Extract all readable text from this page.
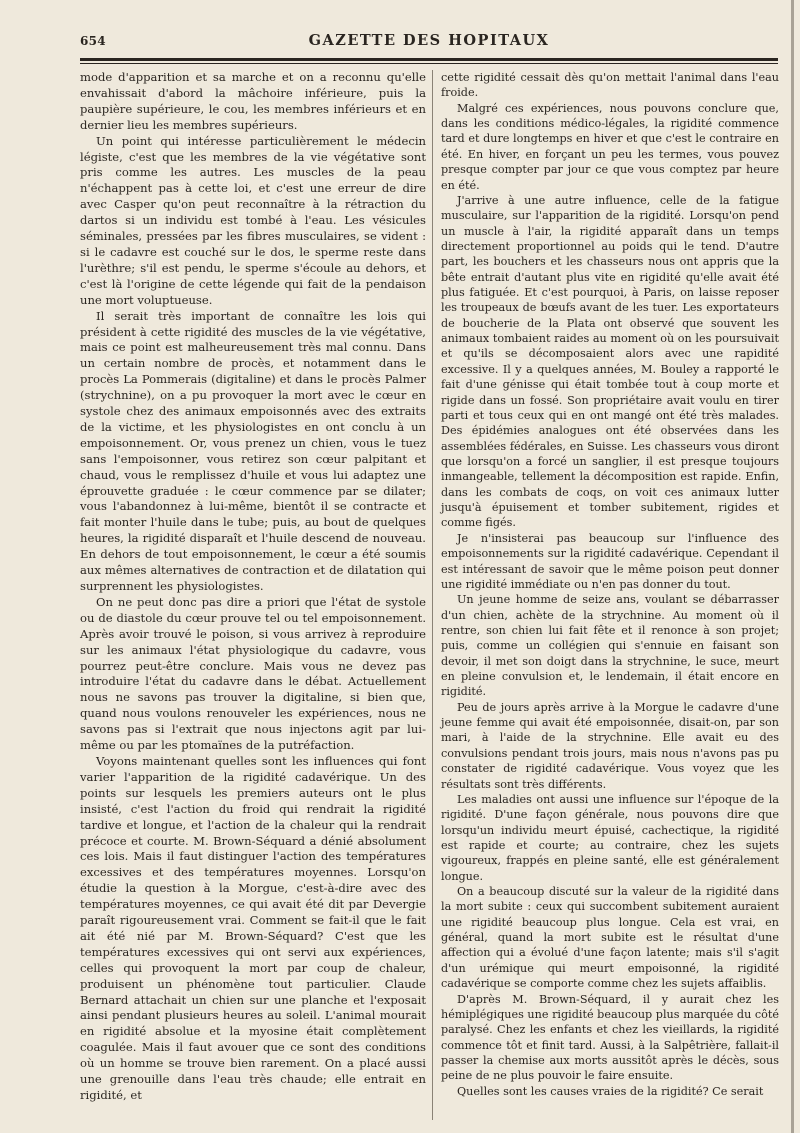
654	GAZETTE DES HOPITAUX

mode d'apparition et sa marche et on a reconnu qu'elle envahissait d'abord la mâchoire inférieure, puis la paupière supérieure, le cou, les membres inférieurs et en dernier lieu les membres supérieurs.

Un point qui intéresse particulièrement le médecin légiste, c'est que les membres de la vie végétative sont pris comme les autres. Les muscles de la peau n'échappent pas à cette loi, et c'est une erreur de dire avec Casper qu'on peut reconnaître à la rétraction du dartos si un individu est tombé à l'eau. Les vésicules séminales, pressées par les fibres musculaires, se vident : si le cadavre est couché sur le dos, le sperme reste dans l'urèthre; s'il est pendu, le sperme s'écoule au dehors, et c'est là l'origine de cette légende qui fait de la pendaison une mort voluptueuse.

Il serait très important de connaître les lois qui président à cette rigidité des muscles de la vie végétative, mais ce point est malheureusement très mal connu. Dans un certain nombre de procès, et notamment dans le procès La Pommerais (digitaline) et dans le procès Palmer (strychnine), on a pu provoquer la mort avec le cœur en systole chez des animaux empoisonnés avec des extraits de la victime, et les physiologistes en ont conclu à un empoisonnement. Or, vous prenez un chien, vous le tuez sans l'empoisonner, vous retirez son cœur palpitant et chaud, vous le remplissez d'huile et vous lui adaptez une éprouvette graduée : le cœur commence par se dilater; vous l'abandonnez à lui-même, bientôt il se contracte et fait monter l'huile dans le tube; puis, au bout de quelques heures, la rigidité disparaît et l'huile descend de nouveau. En dehors de tout empoisonnement, le cœur a été soumis aux mêmes alternatives de contraction et de dilatation qui surprennent les physiologistes.

On ne peut donc pas dire a priori que l'état de systole ou de diastole du cœur prouve tel ou tel empoisonnement. Après avoir trouvé le poison, si vous arrivez à reproduire sur les animaux l'état physiologique du cadavre, vous pourrez peut-être conclure. Mais vous ne devez pas introduire l'état du cadavre dans le débat. Actuellement nous ne savons pas trouver la digitaline, si bien que, quand nous voulons renouveler les expériences, nous ne savons pas si l'extrait que nous injectons agit par lui-même ou par les ptomaïnes de la putréfaction.

Voyons maintenant quelles sont les influences qui font varier l'apparition de la rigidité cadavérique. Un des points sur lesquels les premiers auteurs ont le plus insisté, c'est l'action du froid qui rendrait la rigidité tardive et longue, et l'action de la chaleur qui la rendrait précoce et courte. M. Brown-Séquard a dénié absolument ces lois. Mais il faut distinguer l'action des températures excessives et des températures moyennes. Lorsqu'on étudie la question à la Morgue, c'est-à-dire avec des températures moyennes, ce qui avait été dit par Devergie paraît rigoureusement vrai. Comment se fait-il que le fait ait été nié par M. Brown-Séquard? C'est que les températures excessives qui ont servi aux expériences, celles qui provoquent la mort par coup de chaleur, produisent un phénomène tout particulier. Claude Bernard attachait un chien sur une planche et l'exposait ainsi pendant plusieurs heures au soleil. L'animal mourait en rigidité absolue et la myosine était complètement coagulée. Mais il faut avouer que ce sont des conditions où un homme se trouve bien rarement. On a placé aussi une grenouille dans l'eau très chaude; elle entrait en rigidité, et

cette rigidité cessait dès qu'on mettait l'animal dans l'eau froide.

Malgré ces expériences, nous pouvons conclure que, dans les conditions médico-légales, la rigidité commence tard et dure longtemps en hiver et que c'est le contraire en été. En hiver, en forçant un peu les termes, vous pouvez presque compter par jour ce que vous comptez par heure en été.

J'arrive à une autre influence, celle de la fatigue musculaire, sur l'apparition de la rigidité. Lorsqu'on pend un muscle à l'air, la rigidité apparaît dans un temps directement proportionnel au poids qui le tend. D'autre part, les bouchers et les chasseurs nous ont appris que la bête entrait d'autant plus vite en rigidité qu'elle avait été plus fatiguée. Et c'est pourquoi, à Paris, on laisse reposer les troupeaux de bœufs avant de les tuer. Les exportateurs de boucherie de la Plata ont observé que souvent les animaux tombaient raides au moment où on les poursuivait et qu'ils se décomposaient alors avec une rapidité excessive. Il y a quelques années, M. Bouley a rapporté le fait d'une génisse qui était tombée tout à coup morte et rigide dans un fossé. Son propriétaire avait voulu en tirer parti et tous ceux qui en ont mangé ont été très malades. Des épidémies analogues ont été observées dans les assemblées fédérales, en Suisse. Les chasseurs vous diront que lorsqu'on a forcé un sanglier, il est presque toujours inmangeable, tellement la décomposition est rapide. Enfin, dans les combats de coqs, on voit ces animaux lutter jusqu'à épuisement et tomber subitement, rigides et comme figés.

Je n'insisterai pas beaucoup sur l'influence des empoisonnements sur la rigidité cadavérique. Cependant il est intéressant de savoir que le même poison peut donner une rigidité immédiate ou n'en pas donner du tout.

Un jeune homme de seize ans, voulant se débarrasser d'un chien, achète de la strychnine. Au moment où il rentre, son chien lui fait fête et il renonce à son projet; puis, comme un collégien qui s'ennuie en faisant son devoir, il met son doigt dans la strychnine, le suce, meurt en pleine convulsion et, le lendemain, il était encore en rigidité.

Peu de jours après arrive à la Morgue le cadavre d'une jeune femme qui avait été empoisonnée, disait-on, par son mari, à l'aide de la strychnine. Elle avait eu des convulsions pendant trois jours, mais nous n'avons pas pu constater de rigidité cadavérique. Vous voyez que les résultats sont très différents.

Les maladies ont aussi une influence sur l'époque de la rigidité. D'une façon générale, nous pouvons dire que lorsqu'un individu meurt épuisé, cachectique, la rigidité est rapide et courte; au contraire, chez les sujets vigoureux, frappés en pleine santé, elle est généralement longue.

On a beaucoup discuté sur la valeur de la rigidité dans la mort subite : ceux qui succombent subitement auraient une rigidité beaucoup plus longue. Cela est vrai, en général, quand la mort subite est le résultat d'une affection qui a évolué d'une façon latente; mais s'il s'agit d'un urémique qui meurt empoisonné, la rigidité cadavérique se comporte comme chez les sujets affaiblis.

D'après M. Brown-Séquard, il y aurait chez les hémiplégiques une rigidité beaucoup plus marquée du côté paralysé. Chez les enfants et chez les vieillards, la rigidité commence tôt et finit tard. Aussi, à la Salpêtrière, fallait-il passer la chemise aux morts aussitôt après le décès, sous peine de ne plus pouvoir le faire ensuite.

Quelles sont les causes vraies de la rigidité? Ce serait
